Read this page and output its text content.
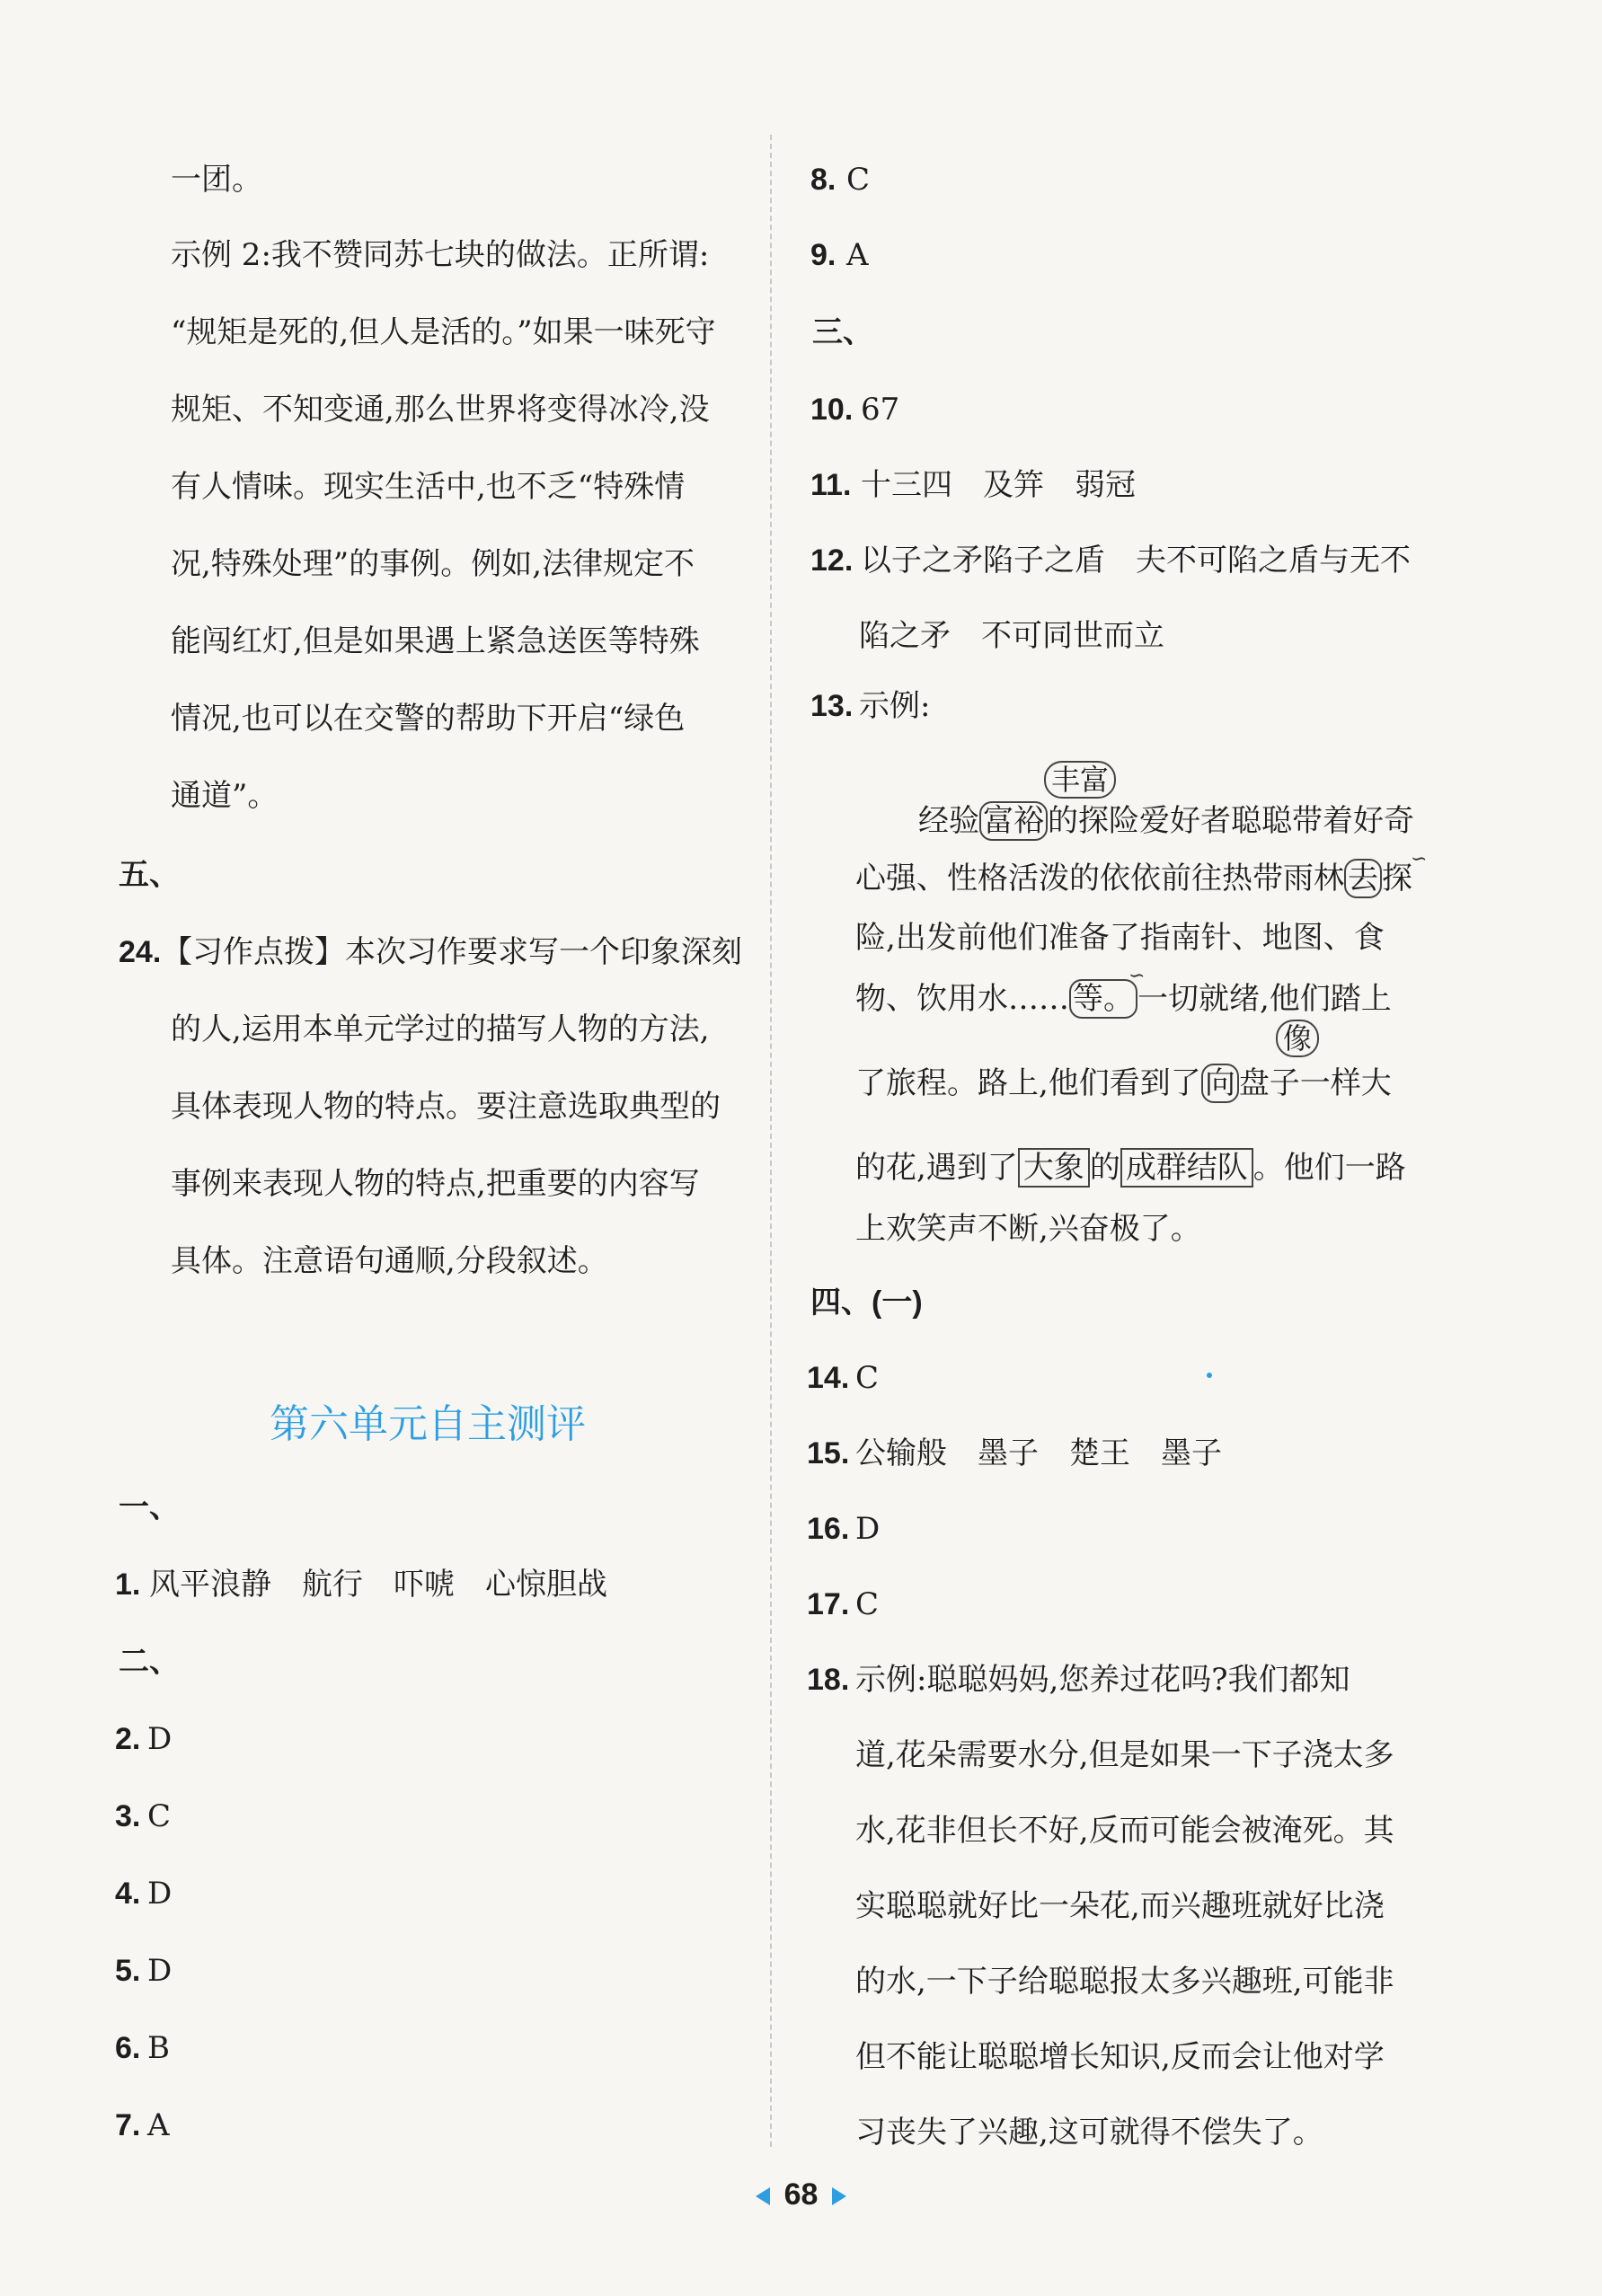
一团。
示例 2:我不赞同苏七块的做法。正所谓:
“规矩是死的,但人是活的。”如果一味死守
规矩、不知变通,那么世界将变得冰冷,没
有人情味。现实生活中,也不乏“特殊情
况,特殊处理”的事例。例如,法律规定不
能闯红灯,但是如果遇上紧急送医等特殊
情况,也可以在交警的帮助下开启“绿色
通道”。
五、
24. 【习作点拨】本次习作要求写一个印象深刻
的人,运用本单元学过的描写人物的方法,
具体表现人物的特点。要注意选取典型的
事例来表现人物的特点,把重要的内容写
具体。注意语句通顺,分段叙述。
第六单元自主测评
一、
1. 风平浪静　航行　吓唬　心惊胆战
二、
2. D
3. C
4. D
5. D
6. B
7. A
8. C
9. A
三、
10. 67
11. 十三四　及笄　弱冠
12. 以子之矛陷子之盾　夫不可陷之盾与无不
陷之矛　不可同世而立
13. 示例:
丰富
经验 富裕 的探险爱好者聪聪带着好奇
心强、性格活泼的依依前往热带雨林 去 探
∽
险,出发前他们准备了指南针、地图、食
物、饮用水…… 等。 一切就绪,他们踏上
∽
像
了旅程。路上,他们看到了 向 盘子一样大
的花,遇到了 大象 的 成群结队 。他们一路
上欢笑声不断,兴奋极了。
四、(一)
14. C
15. 公输般　墨子　楚王　墨子
16. D
17. C
18. 示例:聪聪妈妈,您养过花吗?我们都知
道,花朵需要水分,但是如果一下子浇太多
水,花非但长不好,反而可能会被淹死。其
实聪聪就好比一朵花,而兴趣班就好比浇
的水,一下子给聪聪报太多兴趣班,可能非
但不能让聪聪增长知识,反而会让他对学
习丧失了兴趣,这可就得不偿失了。
68
